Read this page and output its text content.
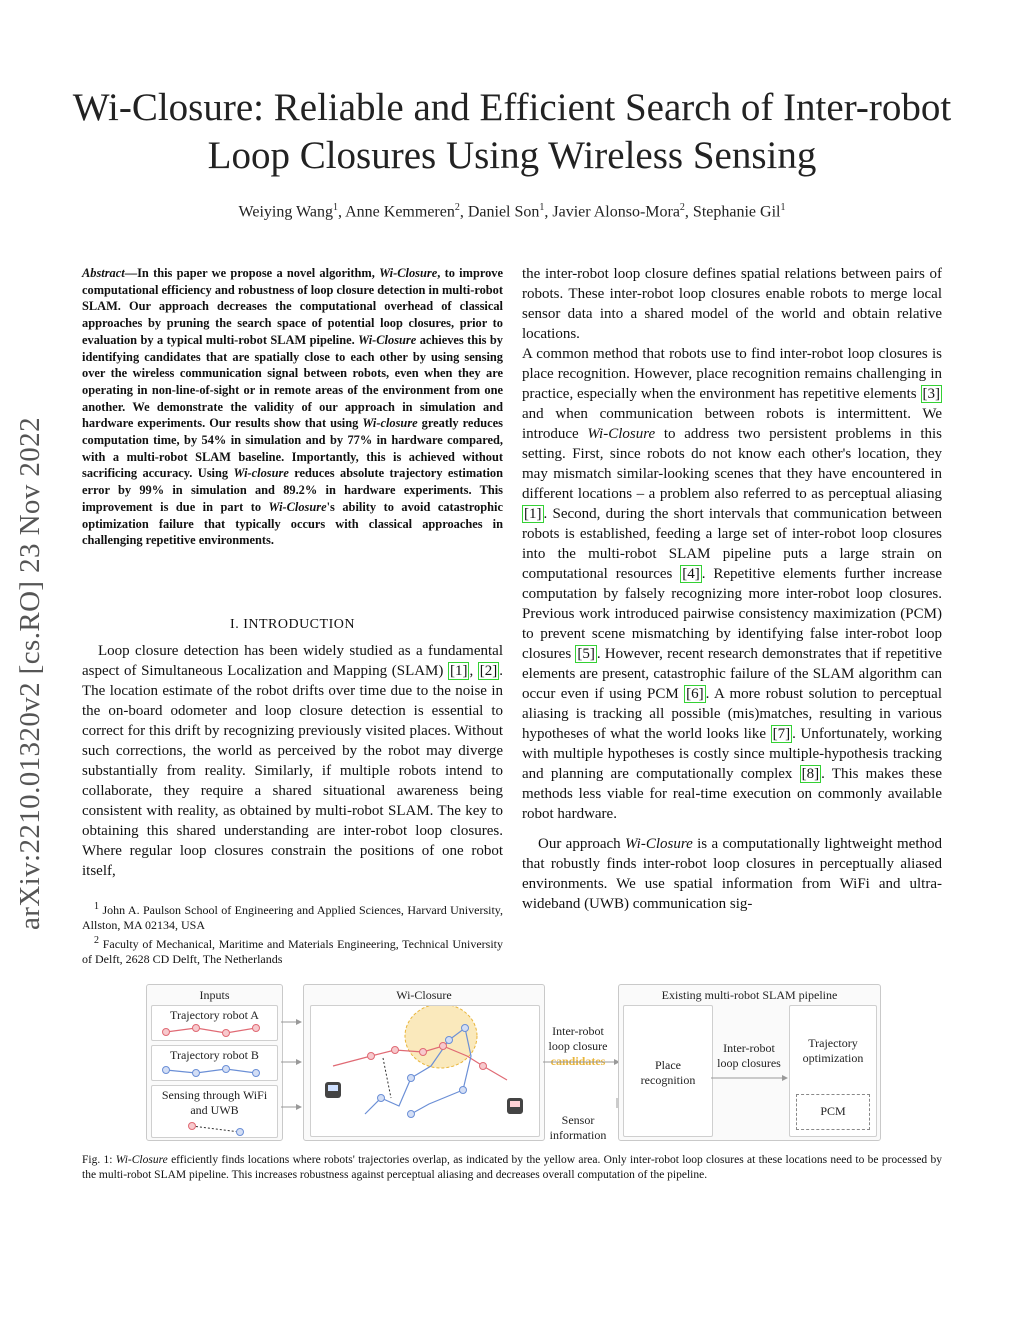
Wi-Closure: Reliable and Efficient Search of Inter-robot Loop Closures Using Wireless Sensing
Weiying Wang$^1$, Anne Kemmeren$^2$, Daniel Son$^1$, Javier Alonso-Mora$^2$, Stephanie Gil$^1$
arXiv:2210.01320v2 [cs.RO] 23 Nov 2022
Abstract—In this paper we propose a novel algorithm, Wi-Closure, to improve computational efficiency and robustness of loop closure detection in multi-robot SLAM. Our approach decreases the computational overhead of classical approaches by pruning the search space of potential loop closures, prior to evaluation by a typical multi-robot SLAM pipeline. Wi-Closure achieves this by identifying candidates that are spatially close to each other by using sensing over the wireless communication signal between robots, even when they are operating in non-line-of-sight or in remote areas of the environment from one another. We demonstrate the validity of our approach in simulation and hardware experiments. Our results show that using Wi-closure greatly reduces computation time, by 54% in simulation and by 77% in hardware compared, with a multi-robot SLAM baseline. Importantly, this is achieved without sacrificing accuracy. Using Wi-closure reduces absolute trajectory estimation error by 99% in simulation and 89.2% in hardware experiments. This improvement is due in part to Wi-Closure's ability to avoid catastrophic optimization failure that typically occurs with classical approaches in challenging repetitive environments.
I. INTRODUCTION
Loop closure detection has been widely studied as a fundamental aspect of Simultaneous Localization and Mapping (SLAM) [1] , [2] . The location estimate of the robot drifts over time due to the noise in the on-board odometer and loop closure detection is essential to correct for this drift by recognizing previously visited places. Without such corrections, the world as perceived by the robot may diverge substantially from reality. Similarly, if multiple robots intend to collaborate, they require a shared situational awareness being consistent with reality, as obtained by multi-robot SLAM. The key to obtaining this shared understanding are inter-robot loop closures. Where regular loop closures constrain the positions of one robot itself,

$^1$ John A. Paulson School of Engineering and Applied Sciences, Harvard University, Allston, MA 02134, USA

$^2$ Faculty of Mechanical, Maritime and Materials Engineering, Technical University of Delft, 2628 CD Delft, The Netherlands

the inter-robot loop closure defines spatial relations between pairs of robots. These inter-robot loop closures enable robots to merge local sensor data into a shared model of the world and obtain relative locations.

A common method that robots use to find inter-robot loop closures is place recognition. However, place recognition remains challenging in practice, especially when the environment has repetitive elements [3] and when communication between robots is intermittent. We introduce Wi-Closure to address two persistent problems in this setting. First, since robots do not know each other's location, they may mismatch similar-looking scenes that they have encountered in different locations – a problem also referred to as perceptual aliasing [1] . Second, during the short intervals that communication between robots is established, feeding a large set of inter-robot loop closures into the multi-robot SLAM pipeline puts a large strain on computational resources [4] . Repetitive elements further increase computation by falsely recognizing more inter-robot loop closures. Previous work introduced pairwise consistency maximization (PCM) to prevent scene mismatching by identifying false inter-robot loop closures [5] . However, recent research demonstrates that if repetitive elements are present, catastrophic failure of the SLAM algorithm can occur even if using PCM [6] . A more robust solution to perceptual aliasing is tracking all possible (mis)matches, resulting in various hypotheses of what the world looks like [7] . Unfortunately, working with multiple hypotheses is costly since multiple-hypothesis tracking and planning are computationally complex [8] . This makes these methods less viable for real-time execution on commonly available robot hardware.

Our approach Wi-Closure is a computationally lightweight method that robustly finds inter-robot loop closures in perceptually aliased environments. We use spatial information from WiFi and ultra-wideband (UWB) communication sig-

Inputs
Trajectory robot A
Trajectory robot B
Sensing through WiFi and UWB
Wi-Closure
Inter-robot
loop closure
candidates
Sensor
information
Existing multi-robot SLAM pipeline
Place
recognition
Inter-robot
loop closures
Trajectory
optimization
PCM
Fig. 1: Wi-Closure efficiently finds locations where robots' trajectories overlap, as indicated by the yellow area. Only inter-robot loop closures at these locations need to be processed by the multi-robot SLAM pipeline. This increases robustness against perceptual aliasing and decreases overall computation of the pipeline.
